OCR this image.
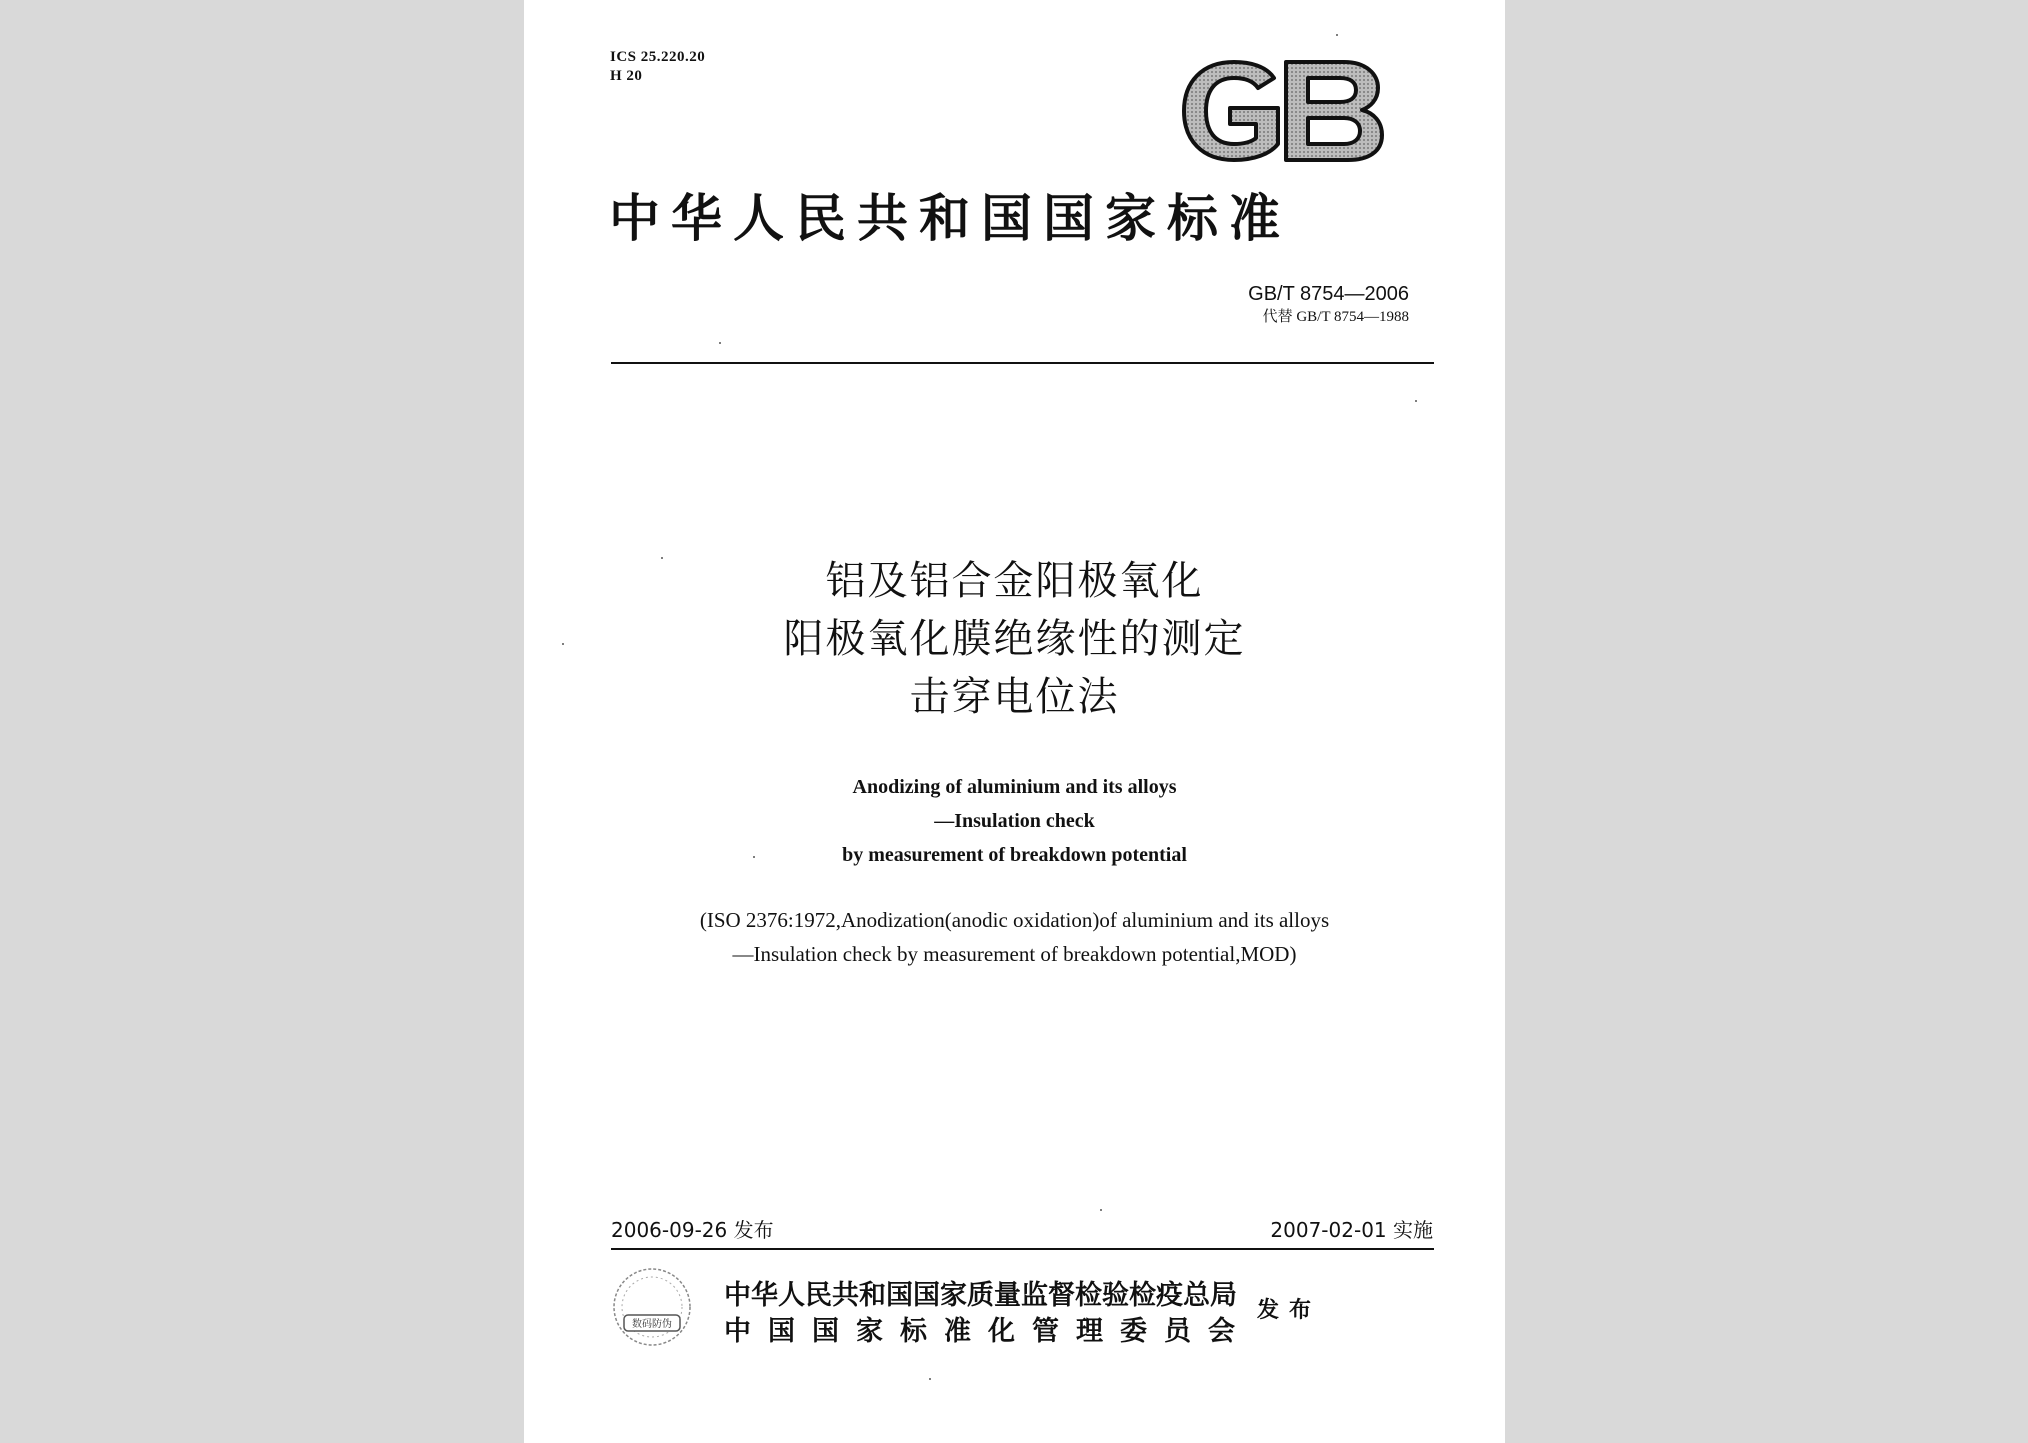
ICS 25.220.20
H 20
中华人民共和国国家标准
GB/T 8754—2006
代替 GB/T 8754—1988
铝及铝合金阳极氧化
阳极氧化膜绝缘性的测定
击穿电位法
Anodizing of aluminium and its alloys
—Insulation check
by measurement of breakdown potential
(ISO 2376:1972,Anodization(anodic oxidation)of aluminium and its alloys
—Insulation check by measurement of breakdown potential,MOD)
2006-09-26 发布	2007-02-01 实施
数码防伪
中华人民共和国国家质量监督检验检疫总局
中国国家标准化管理委员会
发布
